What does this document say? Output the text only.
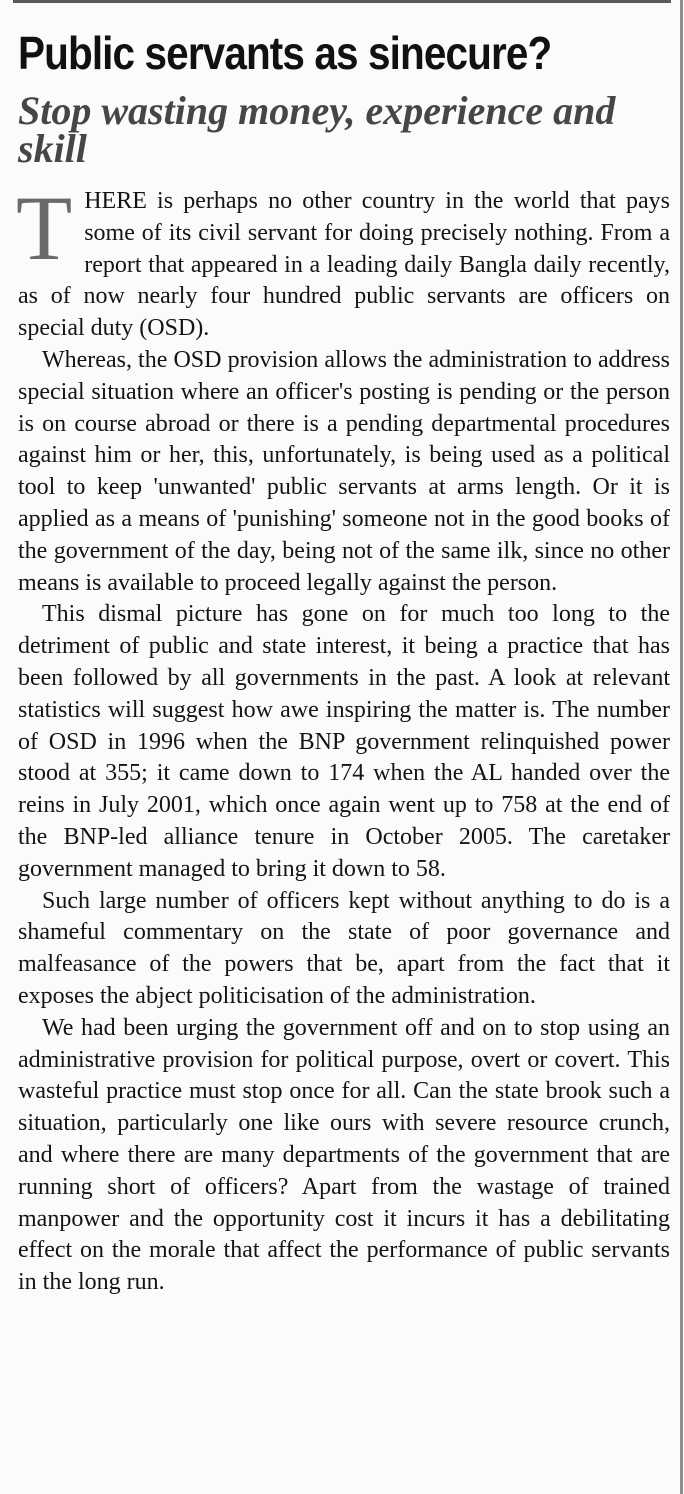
Public servants as sinecure?
Stop wasting money, experience and skill

THERE is perhaps no other country in the world that pays some of its civil servant for doing precisely nothing. From a report that appeared in a leading daily Bangla daily recently, as of now nearly four hundred public servants are officers on special duty (OSD).

Whereas, the OSD provision allows the administration to address special situation where an officer's posting is pending or the person is on course abroad or there is a pending departmental procedures against him or her, this, unfortunately, is being used as a political tool to keep 'unwanted' public servants at arms length. Or it is applied as a means of 'punishing' someone not in the good books of the government of the day, being not of the same ilk, since no other means is available to proceed legally against the person.

This dismal picture has gone on for much too long to the detriment of public and state interest, it being a practice that has been followed by all governments in the past. A look at relevant statistics will suggest how awe inspiring the matter is. The number of OSD in 1996 when the BNP government relinquished power stood at 355; it came down to 174 when the AL handed over the reins in July 2001, which once again went up to 758 at the end of the BNP-led alliance tenure in October 2005. The caretaker government managed to bring it down to 58.

Such large number of officers kept without anything to do is a shameful commentary on the state of poor governance and malfeasance of the powers that be, apart from the fact that it exposes the abject politicisation of the administration.

We had been urging the government off and on to stop using an administrative provision for political purpose, overt or covert. This wasteful practice must stop once for all. Can the state brook such a situation, particularly one like ours with severe resource crunch, and where there are many departments of the government that are running short of officers? Apart from the wastage of trained manpower and the opportunity cost it incurs it has a debilitating effect on the morale that affect the performance of public servants in the long run.
